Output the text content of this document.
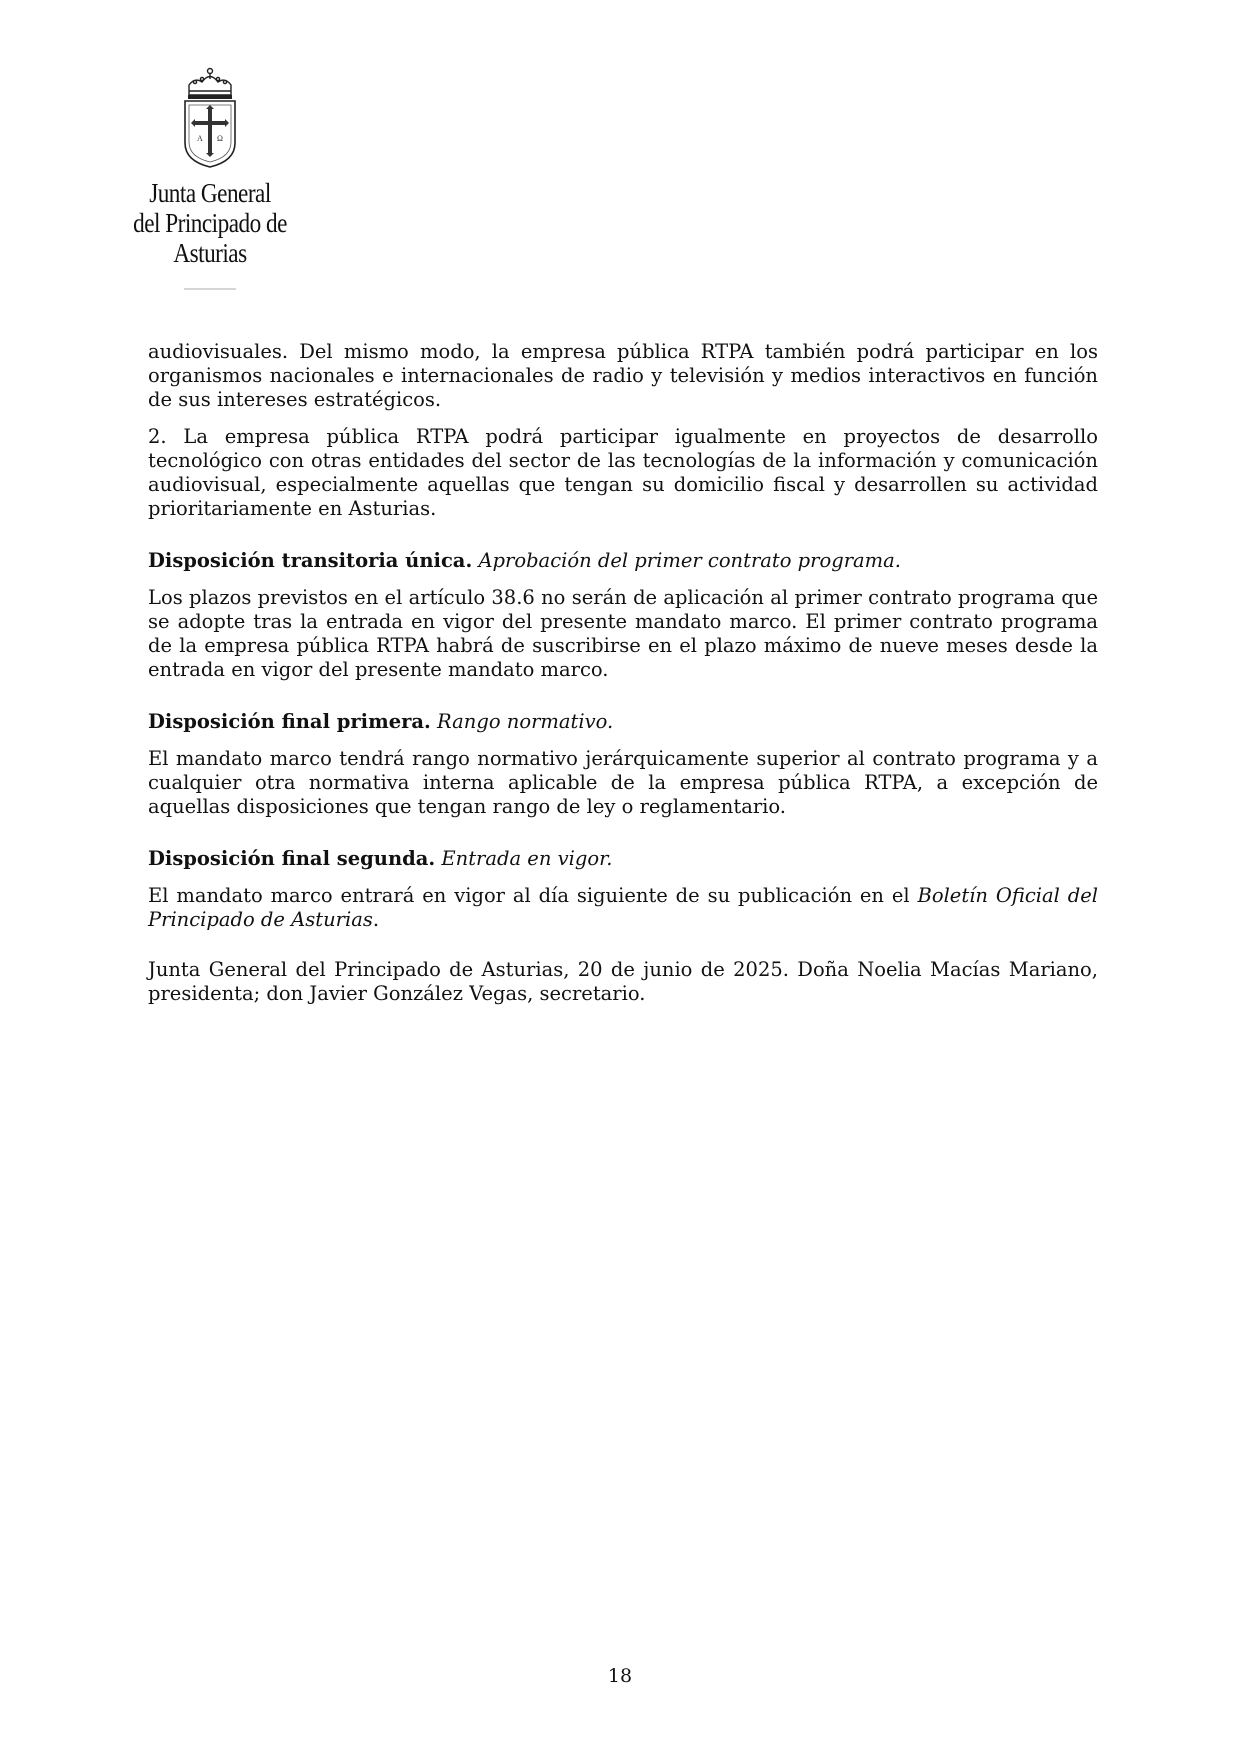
A Ω
Junta General
del Principado de Asturias

audiovisuales. Del mismo modo, la empresa pública RTPA también podrá participar en los organismos nacionales e internacionales de radio y televisión y medios interactivos en función de sus intereses estratégicos.

2. La empresa pública RTPA podrá participar igualmente en proyectos de desarrollo tecnológico con otras entidades del sector de las tecnologías de la información y comunicación audiovisual, especialmente aquellas que tengan su domicilio fiscal y desarrollen su actividad prioritariamente en Asturias.

Disposición transitoria única. Aprobación del primer contrato programa.

Los plazos previstos en el artículo 38.6 no serán de aplicación al primer contrato programa que se adopte tras la entrada en vigor del presente mandato marco. El primer contrato programa de la empresa pública RTPA habrá de suscribirse en el plazo máximo de nueve meses desde la entrada en vigor del presente mandato marco.

Disposición final primera. Rango normativo.

El mandato marco tendrá rango normativo jerárquicamente superior al contrato programa y a cualquier otra normativa interna aplicable de la empresa pública RTPA, a excepción de aquellas disposiciones que tengan rango de ley o reglamentario.

Disposición final segunda. Entrada en vigor.

El mandato marco entrará en vigor al día siguiente de su publicación en el Boletín Oficial del Principado de Asturias.

Junta General del Principado de Asturias, 20 de junio de 2025. Doña Noelia Macías Mariano, presidenta; don Javier González Vegas, secretario.

18
